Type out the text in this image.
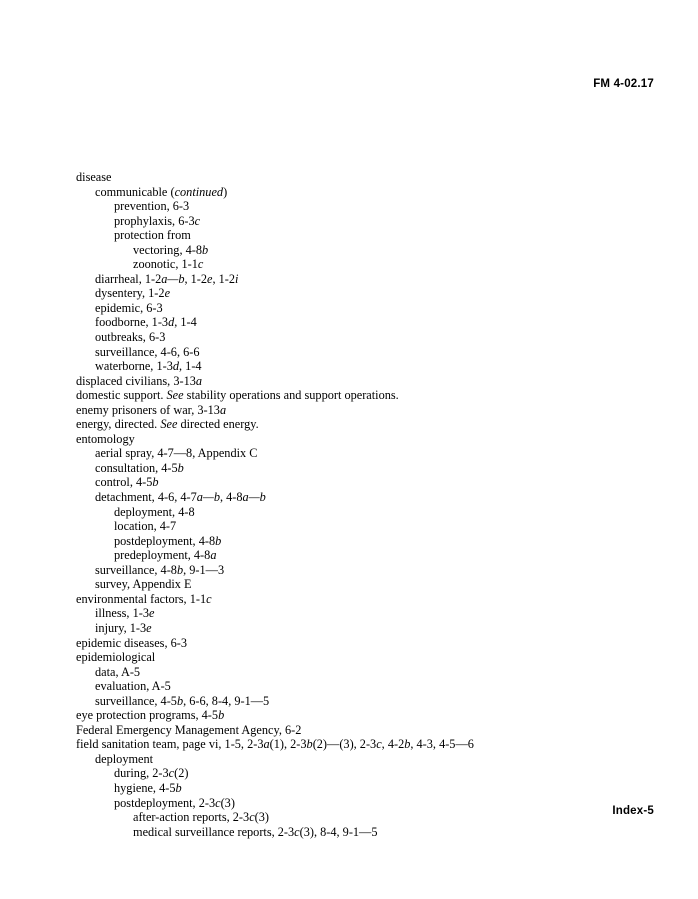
FM 4-02.17
disease
communicable (continued)
prevention, 6-3
prophylaxis, 6-3c
protection from
vectoring, 4-8b
zoonotic, 1-1c
diarrheal, 1-2a—b, 1-2e, 1-2i
dysentery, 1-2e
epidemic, 6-3
foodborne, 1-3d, 1-4
outbreaks, 6-3
surveillance, 4-6, 6-6
waterborne, 1-3d, 1-4
displaced civilians, 3-13a
domestic support. See stability operations and support operations.
enemy prisoners of war, 3-13a
energy, directed. See directed energy.
entomology
aerial spray, 4-7—8, Appendix C
consultation, 4-5b
control, 4-5b
detachment, 4-6, 4-7a—b, 4-8a—b
deployment, 4-8
location, 4-7
postdeployment, 4-8b
predeployment, 4-8a
surveillance, 4-8b, 9-1—3
survey, Appendix E
environmental factors, 1-1c
illness, 1-3e
injury, 1-3e
epidemic diseases, 6-3
epidemiological
data, A-5
evaluation, A-5
surveillance, 4-5b, 6-6, 8-4, 9-1—5
eye protection programs, 4-5b
Federal Emergency Management Agency, 6-2
field sanitation team, page vi, 1-5, 2-3a(1), 2-3b(2)—(3), 2-3c, 4-2b, 4-3, 4-5—6
deployment
during, 2-3c(2)
hygiene, 4-5b
postdeployment, 2-3c(3)
after-action reports, 2-3c(3)
medical surveillance reports, 2-3c(3), 8-4, 9-1—5
Index-5
